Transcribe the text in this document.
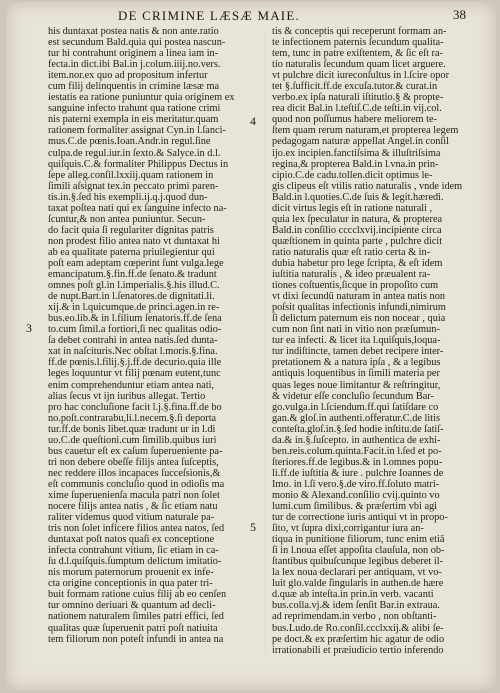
DE CRIMINE LÆSÆ MAIE.	38
his duntaxat postea natis & non ante.ratio
est secundum Bald.quia qui postea nascun-
tur hi contrahunt originem a linea iam in-
fecta.in dict.ibi Bal.in j.colum.iiij.no.vers.
item.nor.ex quo ad propositum infertur
cum filij delinquentis in crimine læsæ ma
iestatis ea ratione puniuntur quia originem ex
sanguine infecto trahunt qua ratione crimi
nis paterni exempla in eis meritatur.quam
rationem formaliter assignat Cyn.in l.ſanci-
mus.C.de pœnis.Ioan.Andr.in regul.ſine
culpa.de regul.iur.in ſexto.& Salyce.in d.l.
quiſquis.C.& formaliter Philippus Dectus in
ſepe alleg.conſil.lxxiij.quam rationem in
ſimili aſsignat tex.in peccato primi paren-
tis.in.§.ſed his exempli.ij.q.j.quod dun-
taxat poſtea nati qui ex ſanguine infecto na-
ſcuntur,& non antea puniuntur. Secun-
do facit quia ſi regulariter dignitas patris
non prodest filio antea nato vt duntaxat hi
ab ea qualitate paterna priuilegientur qui
poſt eam adeptam cœperint ſunt vulga.lege
emancipatum.§.fin.ff.de ſenato.& tradunt
omnes poſt gl.in l.imperialis.§.his illud.C.
de nupt.Bart.in l.ſenatores.de dignitati.li.
xij.& in l.quicumque.de princi.agen.in re-
bus.eo.lib.& in l.filium ſenatoris.ff.de ſena
to.cum ſimil.a fortiori,ſi nec qualitas odio-
ſa debet contrahi in antea natis.ſed dunta-
xat in naſcituris.Nec obſtat l.moris.§.fina.
ff.de pœnis.l.filij.§.j.ff.de decurio.quia ille
leges loquuntur vt filij pœnam eutent,tunc
enim comprehenduntur etiam antea nati,
alias ſecus vt ijn iuribus allegat. Tertio
pro hac concluſione facit l.j.§.fina.ff.de bo
no.poſt.contrarabu,li.l.necem.§.ſi deporta
tur.ff.de bonis libet.quæ tradunt ur in l.di
uo.C.de queſtioni.cum ſimilib.quibus iuri
bus cauetur eſt ex caſum ſuperueniente pa-
tri non debere obeſſe filijs antea ſuſceptis,
nec reddere illos incapaces ſucceſsionis,&
eſt communis concluſio quod in odioſis ma
xime ſuperuenienſa macula patri non ſolet
nocere filijs antea natis , & ſic etiam natu
raliter videmus quod vitium naturale pa-
tris non ſolet inficere filios antea natos, ſed
duntaxat poſt natos quaſi ex conceptione
infecta contrahunt vitium, ſic etiam in ca-
ſu d.l.quiſquis.ſumptum delictum imitatio-
nis morum paternorum prouenit ex infe-
cta origine conceptionis in qua pater tri-
buit formam ratione cuius filij ab eo cenſen
tur omnino deriuari & quantum ad decli-
nationem naturalem ſimiles patri effici, ſed
qualitas quæ ſuperuenit patri poſt natiuita
tem filiorum non poteſt infundi in antea na
tis & conceptis qui receperunt formam an-
te infectionem paternis ſecundum qualita-
tem, tunc in patre exiſtentem, & ſic eſt ra-
tio naturalis ſecundum quam licet arguere.
vt pulchre dicit iureconſultus in l.ſcire opor
tet §.ſufficit.ff.de excuſa.tutor.& curat.in
verbo.ex ipſa naturali iſtitutio.§ & propte-
rea dicit Bal.in l.teſtiſ.C.de teſti.in vij.col.
quod non poſſumus habere meliorem te-
ſtem quam rerum naturam,et propterea legem
pedagogam naturæ appellat Angel.in conſil
ijo.ex incipien.fanctiſsima & illuſtriſsima
regina,& propterea Bald.in l.vna.in prin-
cipio.C.de cadu.tollen.dicit optimus le-
gis clipeus eſt vtilis ratio naturalis , vnde idem
Bald.in l.quoties.C.de ſuis & legit.hæredi.
dicit virtus legis eſt in ratione naturali ,
quia lex ſpeculatur in natura, & propterea
Bald.in conſilio cccclxvij.incipiente circa
quæſtionem in quinta parte , pulchre dicit
ratio naturalis quæ eſt ratio certa & in-
dubia habetur pro lege ſcripta, & eſt idem
iuſtitia naturalis , & ideo præualent ra-
tiones coſtuentis,ſicque in propoſito cum
vt dixi ſecundũ naturam in antea natis non
poſsit qualitas infectionis infundi,nimirum
ſi delictum paternum eis non nocear , quia
cum non ſint nati in vitio non præſumun-
tur ea infecti. & licet ita l.quiſquis,loqua-
tur indiſtincte, tamen debet recipere inter-
pretationem & a natura ipſa , & a legibus
antiquis loquentibus in ſimili materia per
quas leges noue limitantur & reſtringitur,
& videtur eſſe concluſio ſecundum Bar-
go.vulga.in l.ſciendum.ff.qui ſatiſdare co
gan.& gloſ.in authenti.offeratur.C.de litis
conteſta.gloſ.in.§.ſed hodie inſtitu.de ſatiſ-
da.& in.§.ſuſcepto. in authentica de exhi-
ben.reis.colum.quinta.Facit.in l.ſed et po-
ſteriores.ff.de legibus.& in l.omnes popu-
li.ff.de iuſtitia & iure . pulchre Ioannes de
Imo. in l.ſi vero.§.de viro.ff.ſoluto matri-
monio & Alexand.conſilio cvij.quinto vo
lumi.cum ſimilibus. & præſertim vbi agi
tur de correctione iuris antiqui vt in propo-
ſito, vt ſupra dixi,corrigantur iura an-
tiqua in punitione filiorum, tunc enim etiā
ſi in l.noua eſſet appoſita clauſula, non ob-
ſtantibus quibuſcunque legibus deberet il-
la lex noua declarari per antiquam, vt vo-
luit glo.valde ſingularis in authen.de hære
d.quæ ab inteſta.in prin.in verb. vacanti
bus.colla.vj.& idem ſenſit Bar.in extraua.
ad reprimendam.in verbo , non obſtanti-
bus.Ludo.de Ro.conſil.ccclxxij.& alibi ſe-
pe doct.& ex præſertim hic agatur de odio
irrationabili et præiudicio tertio inferendo
3
4
5
